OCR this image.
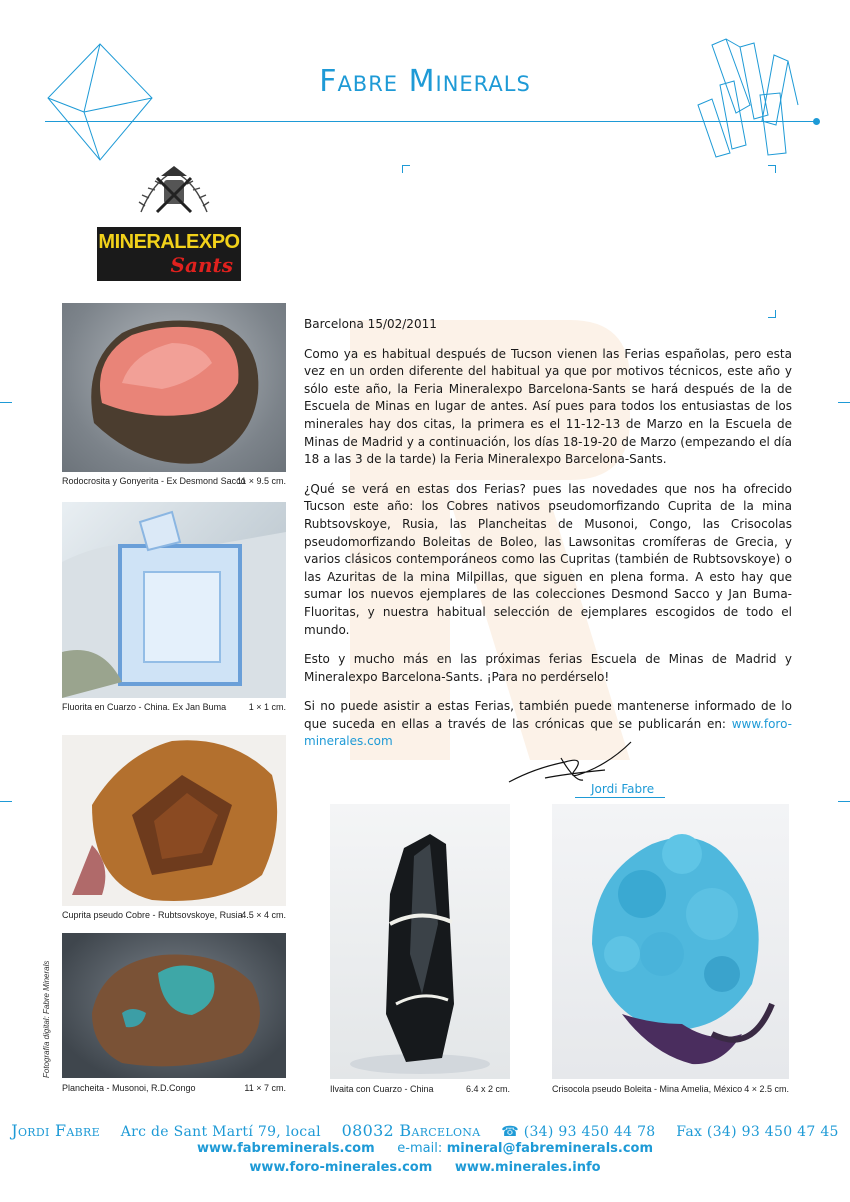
Fabre Minerals
MINERALEXPO
Sants
Rodocrosita y Gonyerita - Ex Desmond Sacco
11 × 9.5 cm.
Fluorita en Cuarzo - China. Ex Jan Buma	1 × 1 cm.
Cuprita pseudo Cobre - Rubtsovskoye, Rusia
4.5 × 4 cm.
Fotografía digital: Fabre Minerals
Plancheita - Musonoi, R.D.Congo	11 × 7 cm.	Ilvaita con Cuarzo - China	6.4 x 2 cm.	Crisocola pseudo Boleita - Mina Amelia, México 4 × 2.5 cm.

Barcelona 15/02/2011

Como ya es habitual después de Tucson vienen las Ferias españolas, pero esta vez en un orden diferente del habitual ya que por motivos técnicos, este año y sólo este año, la Feria Mineralexpo Barcelona-Sants se hará después de la de Escuela de Minas en lugar de antes. Así pues para todos los entusiastas de los minerales hay dos citas, la primera es el 11-12-13 de Marzo en la Escuela de Minas de Madrid y a continuación, los días 18-19-20 de Marzo (empezando el día 18 a las 3 de la tarde) la Feria Mineralexpo Barcelona-Sants.

¿Qué se verá en estas dos Ferias? pues las novedades que nos ha ofrecido Tucson este año: los Cobres nativos pseudomorfizando Cuprita de la mina Rubtsovskoye, Rusia, las Plancheitas de Musonoi, Congo, las Crisocolas pseudomorfizando Boleitas de Boleo, las Lawsonitas cromíferas de Grecia, y varios clásicos contemporáneos como las Cupritas (también de Rubtsovskoye) o las Azuritas de la mina Milpillas, que siguen en plena forma. A esto hay que sumar los nuevos ejemplares de las colecciones Desmond Sacco y Jan Buma-Fluoritas, y nuestra habitual selección de ejemplares escogidos de todo el mundo.

Esto y mucho más en las próximas ferias Escuela de Minas de Madrid y Mineralexpo Barcelona-Sants. ¡Para no perdérselo!

Si no puede asistir a estas Ferias, también puede mantenerse informado de lo que suceda en ellas a través de las crónicas que se publicarán en: www.foro-minerales.com

Jordi Fabre
Jordi Fabre Arc de Sant Martí 79, local 08032 Barcelona ☎ (34) 93 450 44 78 Fax (34) 93 450 47 45
www.fabreminerals.com e-mail: mineral@fabreminerals.com
www.foro-minerales.com www.minerales.info
